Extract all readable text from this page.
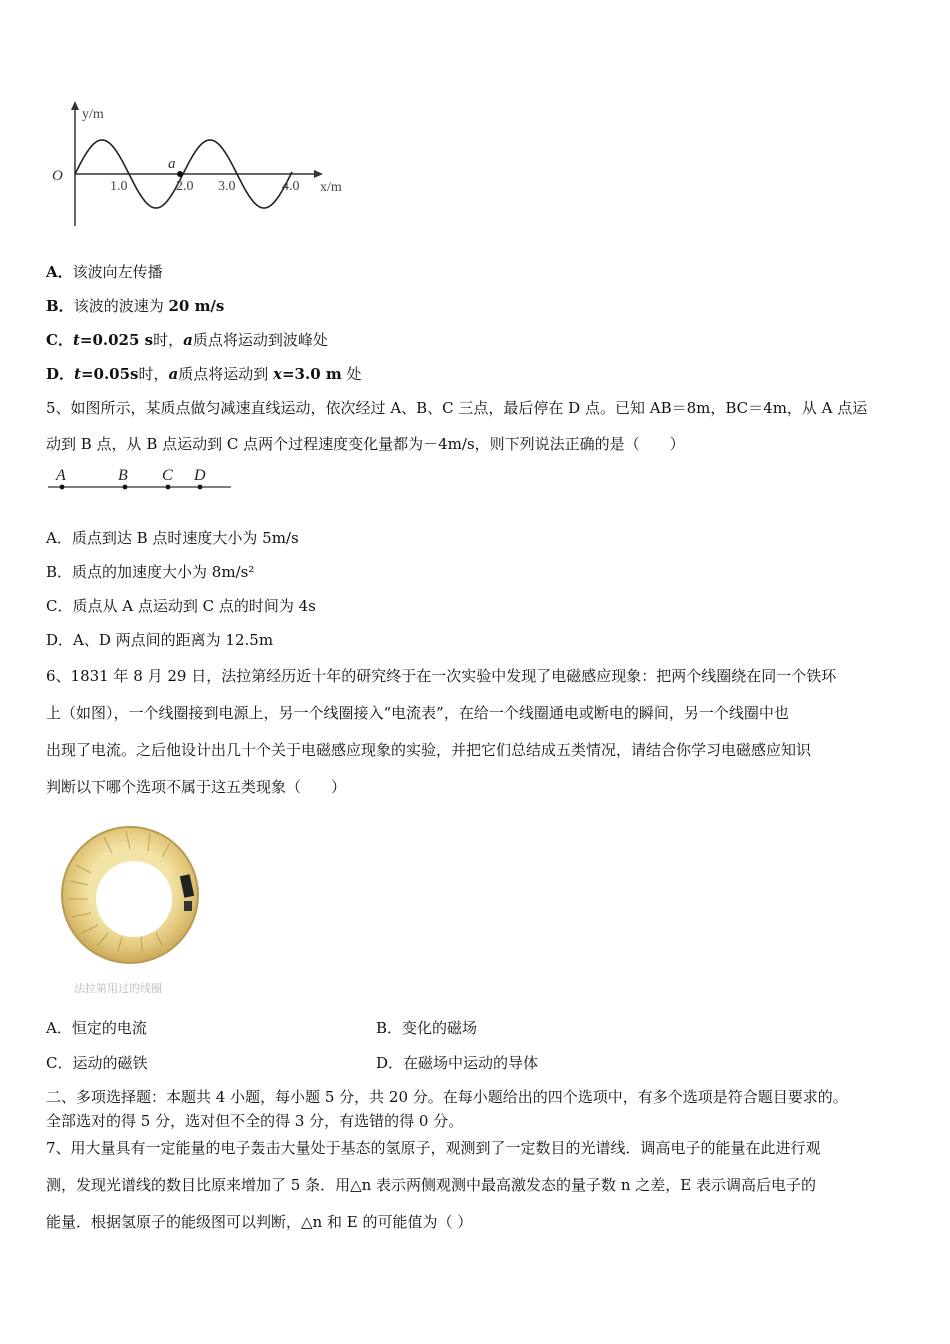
y/m
x/m
O
a
1.0	2.0 3.0	4.0
A．该波向左传播
B．该波的波速为 20 m/s
C．t=0.025 s时，a质点将运动到波峰处
D．t=0.05s时，a质点将运动到 x=3.0 m 处
5、如图所示，某质点做匀减速直线运动，依次经过 A、B、C 三点，最后停在 D 点。已知 AB＝8m，BC＝4m，从 A 点运
动到 B 点，从 B 点运动到 C 点两个过程速度变化量都为－4m/s，则下列说法正确的是（　　）
A	B C D
A．质点到达 B 点时速度大小为 5m/s
B．质点的加速度大小为 8m/s²
C．质点从 A 点运动到 C 点的时间为 4s
D．A、D 两点间的距离为 12.5m
6、1831 年 8 月 29 日，法拉第经历近十年的研究终于在一次实验中发现了电磁感应现象：把两个线圈绕在同一个铁环
上（如图），一个线圈接到电源上，另一个线圈接入“电流表”，在给一个线圈通电或断电的瞬间，另一个线圈中也
出现了电流。之后他设计出几十个关于电磁感应现象的实验，并把它们总结成五类情况，请结合你学习电磁感应知识
判断以下哪个选项不属于这五类现象（　　）
法拉第用过的线圈
A．恒定的电流	B．变化的磁场
C．运动的磁铁	D．在磁场中运动的导体
二、多项选择题：本题共 4 小题，每小题 5 分，共 20 分。在每小题给出的四个选项中，有多个选项是符合题目要求的。
全部选对的得 5 分，选对但不全的得 3 分，有选错的得 0 分。
7、用大量具有一定能量的电子轰击大量处于基态的氢原子，观测到了一定数目的光谱线．调高电子的能量在此进行观
测，发现光谱线的数目比原来增加了 5 条．用△n 表示两侧观测中最高激发态的量子数 n 之差，E 表示调高后电子的
能量．根据氢原子的能级图可以判断，△n 和 E 的可能值为（ ）
